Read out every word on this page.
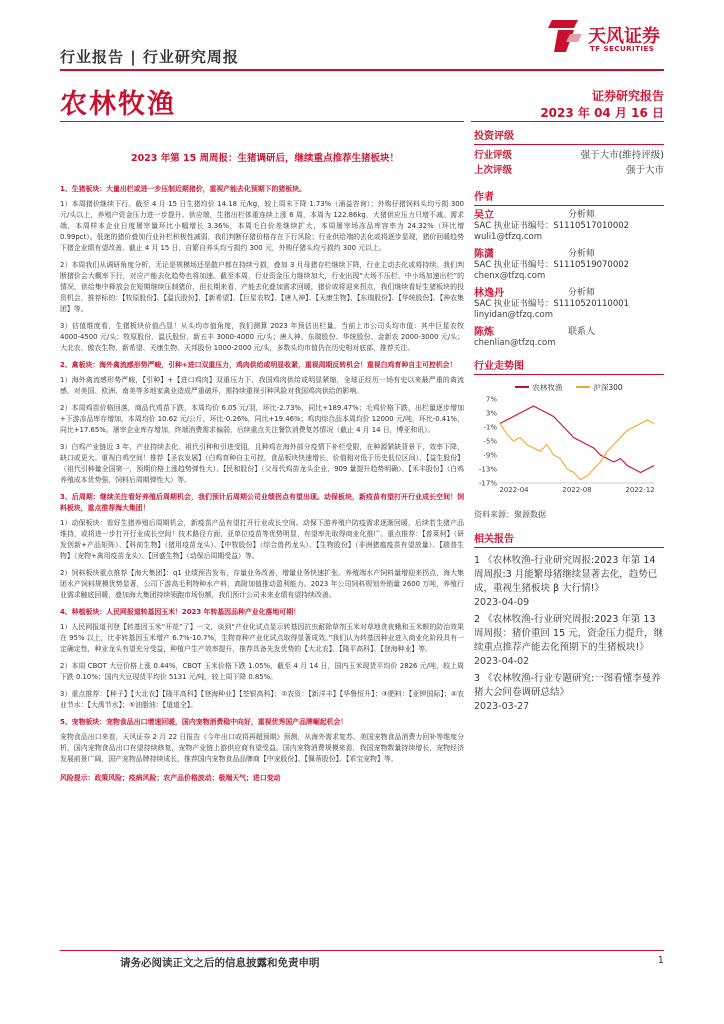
行业报告 | 行业研究周报
天风证券
TF SECURITIES
农林牧渔	证券研究报告
2023 年 04 月 16 日
2023 年第 15 周周报：生猪调研后，继续重点推荐生猪板块！

1、生猪板块：大量出栏或进一步压制近期猪价，重视产能去化预期下的猪板块。

1）本周猪价继续下行。截至 4 月 15 日生猪均价 14.18 元/kg，较上周末下降 1.73%（涌益咨询）；外购仔猪饲料头均亏损 300 元/头以上，养殖户资金压力进一步提升。供应端，生猪出栏体重连续上涨 6 周，本周为 122.86kg，大猪供应压力只增不减。需求端，本周样本企业日度屠宰量环比小幅增长 3.36%，本周毛白价差继续扩大，本周屠宰场冻品库容率为 24.32%（环比增 0.99pct）。低迷的猪价叠加行业补栏积极性减弱，我们判断仔猪价格存在下行风险；行业供给端的去化或将逐步显现，猪价回暖趋势下猪企业绩有望改善。截止 4 月 15 日，自繁自养头均亏损约 300 元，外购仔猪头均亏损约 300 元以上。

2）本周我们从调研角度分析，无论是规模场还是散户都在持续亏损，叠加 3 月母猪存栏继续下降，行业主动去化或将持续。我们判断猪价会大概率下行，对应产能去化趋势也将加速。截至本周，行业资金压力继续加大，行业出现“大场不压栏、中小场加速出栏”的情况，供给集中释放会在短期继续压制猪价，但长期来看，产能去化叠加需求回暖，猪价或将迎来拐点，我们继续看好生猪板块的投资机会，推荐标的：【牧原股份】、【温氏股份】、【新希望】、【巨星农牧】、【唐人神】、【天康生物】、【东瑞股份】、【华统股份】、【神农集团】等。

3）估值维度看，生猪板块价值凸显！从头均市值角度，我们测算 2023 年预估出栏量，当前上市公司头均市值：其中巨星农牧 4000-4500 元/头；牧原股份、温氏股份、新五丰 3000-4000 元/头；唐人神、东瑞股份、华统股份、金新农 2000-3000 元/头；大北农、傲农生物、新希望、天康生物、天邦股份 1000-2000 元/头，多数头均市值仍在历史相对底部，推荐关注。

2、禽板块：海外禽流感形势严峻，引种+进口双重压力，鸡肉供给或明显收紧，重视周期反转机会！重视白鸡育种自主可控机会！

1）海外禽流感形势严峻，【引种】+【进口鸡肉】双重压力下，我国鸡肉供给或明显紧缩，全球正经历一场有史以来最严重的禽流感，对美国、欧洲、南美等多地家禽业造成严重破坏，需持续重视引种风险对我国鸡肉供给的影响。

2）本周鸡苗价格回落，商品代鸡苗下跌，本周均价 6.05 元/羽，环比-2.73%，同比+189.47%；毛鸡价格下跌，出栏量逐步增加+下游冻品库存增加，本周均价 10.62 元/公斤，环比-0.26%，同比+19.46%；鸡肉综合品本周均价 12000 元/吨，环比-0.41%，同比+17.65%。屠宰企业库存增加，终端消费需求偏弱，后续重点关注餐饮消费复苏情况（截止 4 月 14 日，博亚和讯）。

3）白鸡产业链近 3 年，产业持续去化，祖代引种和引进受阻，且种鸡在海外部分疫情下补栏受限，在种源紧缺背景下，效率下降，缺口或更大。重视白鸡空间！推荐【圣农发展】（白鸡育种自主可控，食品板块快速增长，价值相对低于历史低位区间）、【益生股份】（祖代引种量全国第一，预期价格上涨趋势弹性大）、【民和股份】（父母代鸡苗龙头企业，909 量提升趋势明确）、【禾丰股份】（白鸡养殖成本优势强，饲料后周期弹性大）等。

3、后周期：继续关注看好养殖后周期机会，我们预计后周期公司业绩拐点有望出现。动保板块，新疫苗有望打开行业成长空间！饲料板块，重点推荐海大集团！

1）动保板块：看好生猪养殖后周期机会，新疫苗产品有望打开行业成长空间。动保下游养殖户防疫需求逐渐回暖，后续若生猪产品维持，或将进一步打开行业成长空间！技术路径方面，亚单位疫苗等优势明显，有望率先取得商业化推广。重点推荐：【普莱柯】（研发创新+产品矩阵）、【科前生物】（猪用疫苗龙头）、【中牧股份】（综合兽药龙头）、【生物股份】（非洲猪瘟疫苗有望放量）、【瑞普生物】（宠物+禽用疫苗龙头）、【回盛生物】（动保后周期受益）等。

2）饲料板块重点推荐【海大集团】：q1 业绩预告发布，存量业务改善，增量业务快速扩张。养殖端水产饲料量增迎来拐点，海大集团水产饲料规模优势显著，公司下游高毛利特种水产料，高附加值推动盈利能力。2023 年公司饲料规划外销量 2600 万吨，养殖行业需求触底回暖，叠加海大集团持续领跑市场份额，我们预计公司未来业绩有望持续改善。

4、种植板块：人民网报道转基因玉米！2023 年转基因品种产业化落地可期！

1）人民网报道刊登【转基因玉米“开花”了】一文，谈到“产业化试点显示转基因抗虫耐除草剂玉米对草地贪夜蛾和玉米螟的防治效果在 95% 以上，比非转基因玉米增产 6.7%-10.7%，生物育种产业化试点取得显著成效。”我们认为转基因种业进入商业化阶段具有一定确定性，种业龙头有望充分受益，种植户生产效率提升，推荐具备先发优势的【大北农】、【隆平高科】、【登海种业】等。

2）本周 CBOT 大豆价格上涨 0.44%，CBOT 玉米价格下跌 1.05%，截至 4 月 14 日，国内玉米现货平均价 2826 元/吨，较上周下跌 0.10%；国内大豆现货平均价 5131 元/吨，较上周下降 0.85%。

3）重点推荐：【种子】【大北农】【隆平高科】【登海种业】【荃银高科】；②农资：【新洋丰】【华鲁恒升】；③肥料：【亚钾国际】；④农业节水：【大禹节水】；⑤油脂油：【道道全】。

5、宠物板块：宠物食品出口增速回暖，国内宠物消费稳中向好，重视优秀国产品牌崛起机会！

宠物食品出口来看，天风证券 2 月 22 日报告《今年出口或将再超预期》预测，从海外需求复苏、美国宠物食品消费力回补等维度分析，国内宠物食品出口有望持续修复，宠物产业链上游供应商有望受益。国内宠物消费规模来看，我国宠物数量持续增长，宠物经济发展前景广阔，国产宠物品牌持续成长，推荐国内宠物食品品牌商【中宠股份】、【佩蒂股份】、【乖宝宠物】等。

风险提示：政策风险；疫病风险；农产品价格波动；极端天气；进口变动

投资评级
行业评级	强于大市(维持评级)
上次评级	强于大市
作者
吴立	分析师
SAC 执业证书编号：S1110517010002
wuli1@tfzq.com
陈潇	分析师
SAC 执业证书编号：S1110519070002
chenx@tfzq.com
林逸丹	分析师
SAC 执业证书编号：S1110520110001
linyidan@tfzq.com
陈炼	联系人
chenlian@tfzq.com
行业走势图
农林牧渔	沪深300
-17%
-13%
-9%
-5%
-1%
3%
7%
2022-04	2022-08	2022-12
资料来源：聚源数据
相关报告
1 《农林牧渔-行业研究周报:2023 年第 14 周周报:3 月能繁母猪继续显著去化，趋势已成，重视生猪板块 β 大行情!》
2023-04-09
2 《农林牧渔-行业研究周报:2023 年第 13 周周报：猪价重回 15 元，资金压力提升，继续重点推荐产能去化预期下的生猪板块!》
2023-04-02
3 《农林牧渔-行业专题研究:一图看懂李曼养猪大会问卷调研总结》
2023-03-27
请务必阅读正文之后的信息披露和免责申明	1
